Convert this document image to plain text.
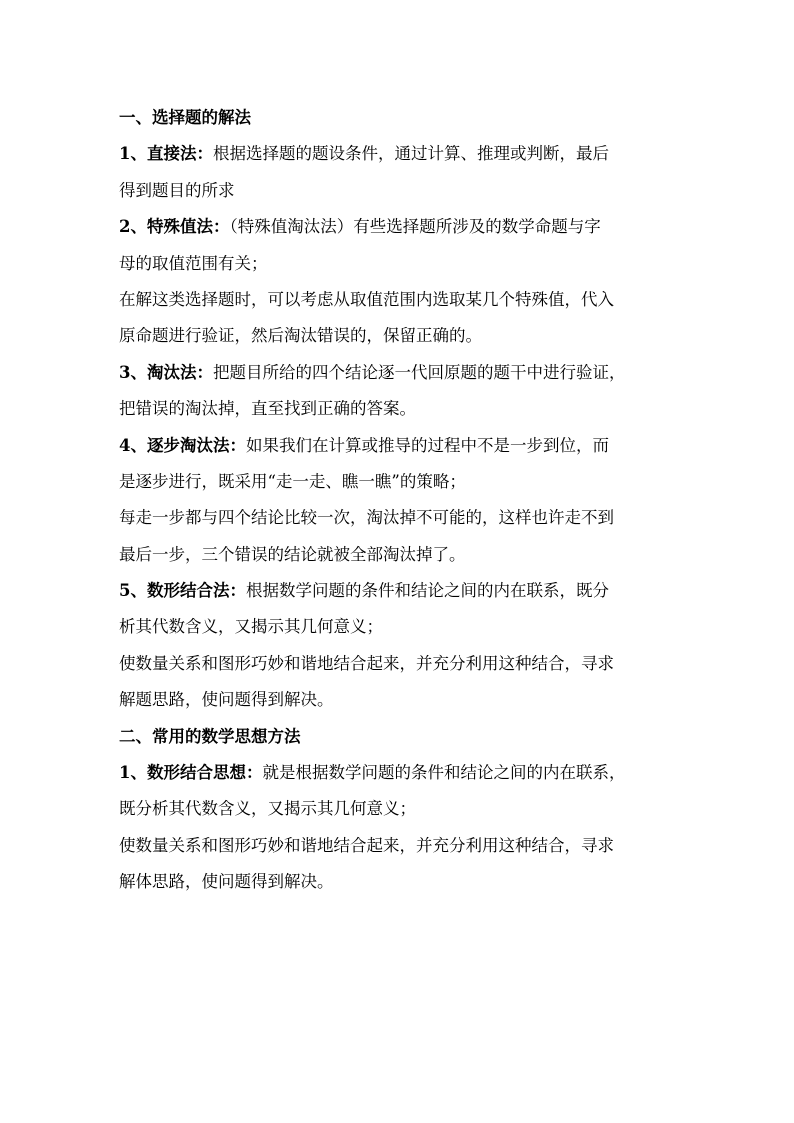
一、选择题的解法
1、直接法：根据选择题的题设条件，通过计算、推理或判断，最后
得到题目的所求
2、特殊值法：（特殊值淘汰法）有些选择题所涉及的数学命题与字
母的取值范围有关；
在解这类选择题时，可以考虑从取值范围内选取某几个特殊值，代入
原命题进行验证，然后淘汰错误的，保留正确的。
3、淘汰法：把题目所给的四个结论逐一代回原题的题干中进行验证，
把错误的淘汰掉，直至找到正确的答案。
4、逐步淘汰法：如果我们在计算或推导的过程中不是一步到位，而
是逐步进行，既采用“走一走、瞧一瞧”的策略；
每走一步都与四个结论比较一次，淘汰掉不可能的，这样也许走不到
最后一步，三个错误的结论就被全部淘汰掉了。
5、数形结合法：根据数学问题的条件和结论之间的内在联系，既分
析其代数含义，又揭示其几何意义；
使数量关系和图形巧妙和谐地结合起来，并充分利用这种结合，寻求
解题思路，使问题得到解决。
二、常用的数学思想方法
1、数形结合思想：就是根据数学问题的条件和结论之间的内在联系，
既分析其代数含义，又揭示其几何意义；
使数量关系和图形巧妙和谐地结合起来，并充分利用这种结合，寻求
解体思路，使问题得到解决。
